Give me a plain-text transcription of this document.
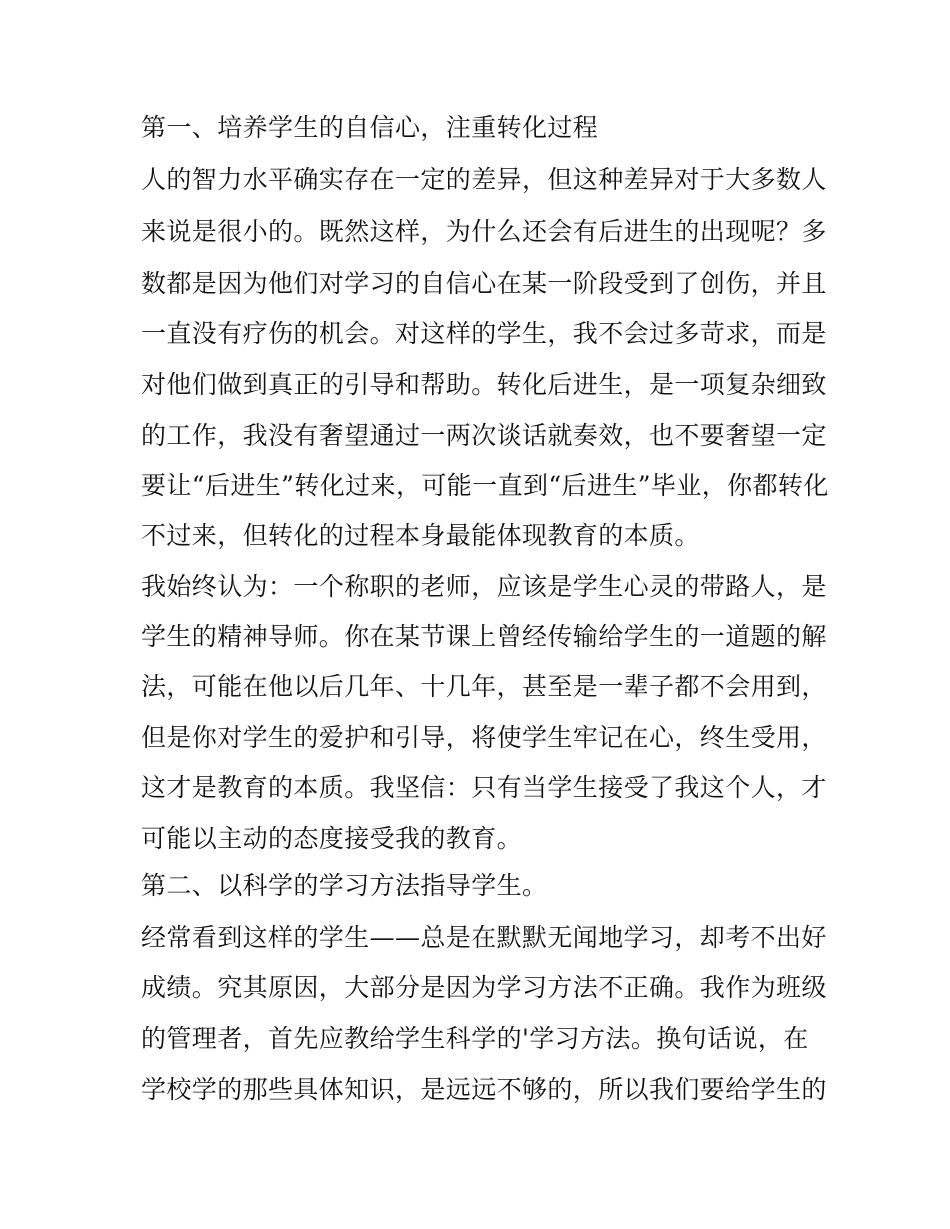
第一、培养学生的自信心，注重转化过程
人的智力水平确实存在一定的差异，但这种差异对于大多数人
来说是很小的。既然这样，为什么还会有后进生的出现呢？多
数都是因为他们对学习的自信心在某一阶段受到了创伤，并且
一直没有疗伤的机会。对这样的学生，我不会过多苛求，而是
对他们做到真正的引导和帮助。转化后进生，是一项复杂细致
的工作，我没有奢望通过一两次谈话就奏效，也不要奢望一定
要让“后进生”转化过来，可能一直到“后进生”毕业，你都转化
不过来，但转化的过程本身最能体现教育的本质。
我始终认为：一个称职的老师，应该是学生心灵的带路人，是
学生的精神导师。你在某节课上曾经传输给学生的一道题的解
法，可能在他以后几年、十几年，甚至是一辈子都不会用到，
但是你对学生的爱护和引导，将使学生牢记在心，终生受用，
这才是教育的本质。我坚信：只有当学生接受了我这个人，才
可能以主动的态度接受我的教育。
第二、以科学的学习方法指导学生。
经常看到这样的学生——总是在默默无闻地学习，却考不出好
成绩。究其原因，大部分是因为学习方法不正确。我作为班级
的管理者，首先应教给学生科学的'学习方法。换句话说，在
学校学的那些具体知识，是远远不够的，所以我们要给学生的
